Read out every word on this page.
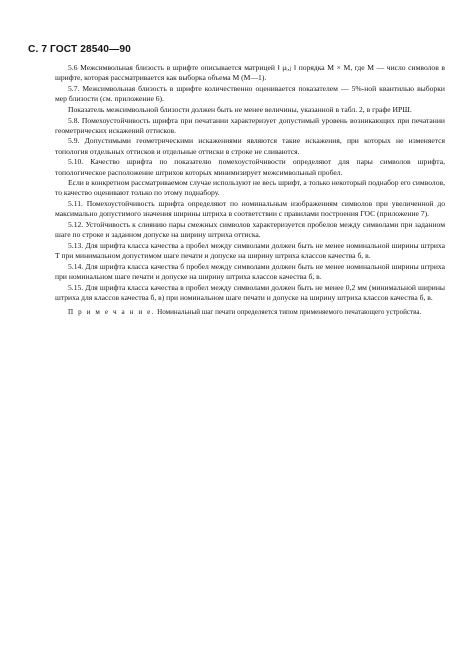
С. 7 ГОСТ 28540—90

5.6 Межсимвольная близость в шрифте описывается матрицей ‖ μᵢ,ⱼ ‖ порядка M × M, где M — число символов в шрифте, которая рассматривается как выборка объема M (M—1).

5.7. Межсимвольная близость в шрифте количественно оценивается показателем — 5%-ной квантилью выборки мер близости (см. приложение 6).

Показатель межсимвольной близости должен быть не менее величины, указанной в табл. 2, в графе ИРШ.

5.8. Помехоустойчивость шрифта при печатании характеризует допустимый уровень возникающих при печатании геометрических искажений оттисков.

5.9. Допустимыми геометрическими искажениями являются такие искажения, при которых не изменяется топология отдельных оттисков и отдельные оттиски в строке не сливаются.

5.10. Качество шрифта по показателю помехоустойчивости определяют для пары символов шрифта, топологическое расположение штрихов которых минимизирует межсимвольный пробел.

Если в конкретном рассматриваемом случае используют не весь шрифт, а только некоторый поднабор его символов, то качество оценивают только по этому поднабору.

5.11. Помехоустойчивость шрифта определяют по номинальным изображениям символов при увеличенной до максимально допустимого значения ширины штриха в соответствии с правилами построения ГОС (приложение 7).

5.12. Устойчивость к слиянию пары смежных символов характеризуется пробелов между символами при заданном шаге по строке и заданном допуске на ширину штриха оттиска.

5.13. Для шрифта класса качества а пробел между символами должен быть не менее номинальной ширины штриха T при минимальном допустимом шаге печати и допуске на ширину штриха классов качества б, в.

5.14. Для шрифта класса качества б пробел между символами должен быть не менее номинальной ширины штриха при номинальном шаге печати и допуске на ширину штриха классов качества б, в.

5.15. Для шрифта класса качества в пробел между символами должен быть не менее 0,2 мм (минимальной ширины штриха для классов качества б, в) при номинальном шаге печати и допуске на ширину штриха классов качества б, в.

П р и м е ч а н и е. Номинальный шаг печати определяется типом применяемого печатающего устройства.
